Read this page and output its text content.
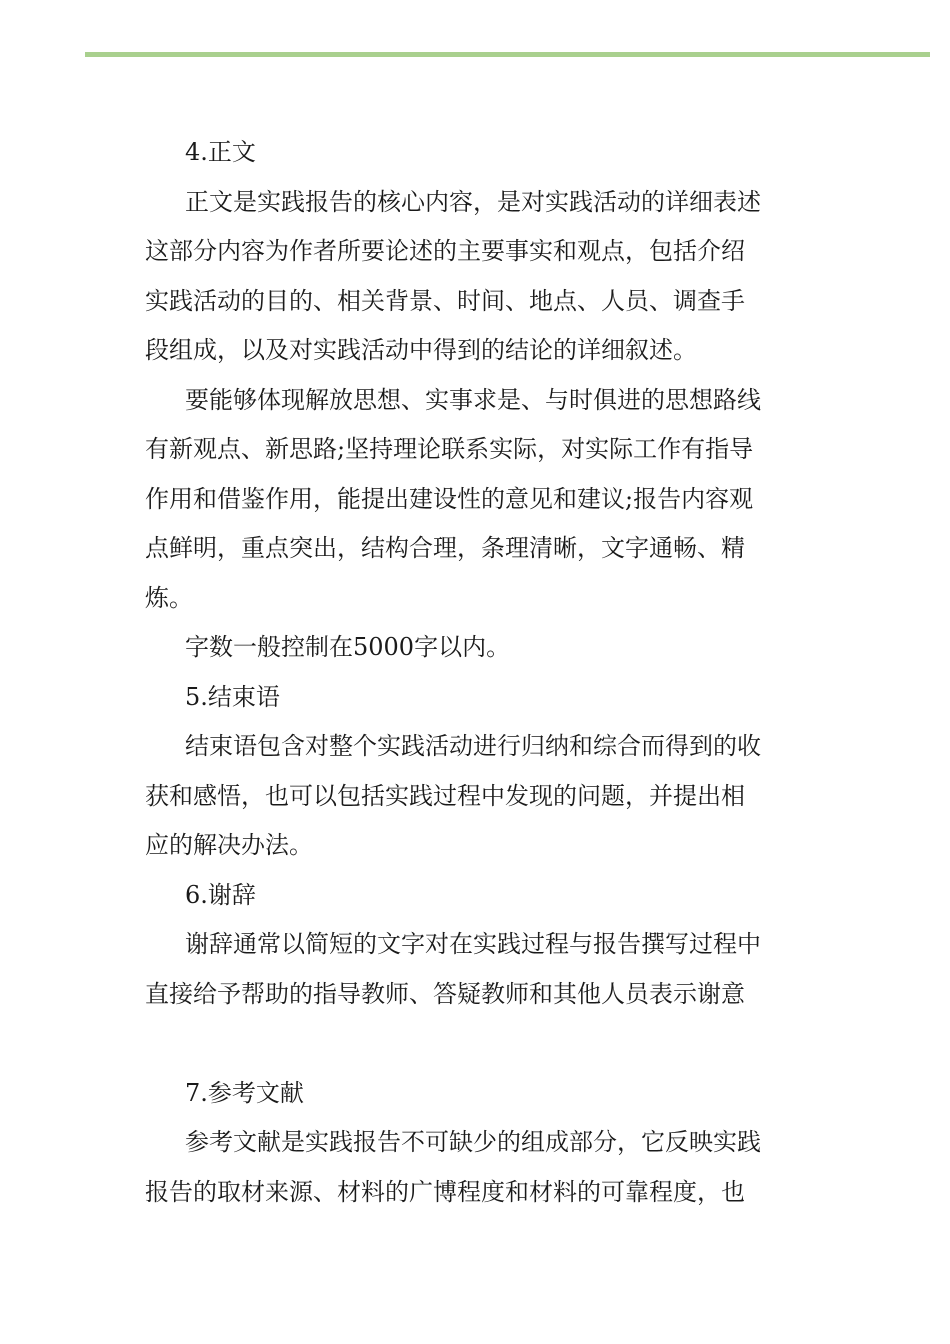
4.正文
正文是实践报告的核心内容，是对实践活动的详细表述
这部分内容为作者所要论述的主要事实和观点，包括介绍
实践活动的目的、相关背景、时间、地点、人员、调查手
段组成，以及对实践活动中得到的结论的详细叙述。
要能够体现解放思想、实事求是、与时俱进的思想路线
有新观点、新思路;坚持理论联系实际，对实际工作有指导
作用和借鉴作用，能提出建设性的意见和建议;报告内容观
点鲜明，重点突出，结构合理，条理清晰，文字通畅、精
炼。
字数一般控制在5000字以内。
5.结束语
结束语包含对整个实践活动进行归纳和综合而得到的收
获和感悟，也可以包括实践过程中发现的问题，并提出相
应的解决办法。
6.谢辞
谢辞通常以简短的文字对在实践过程与报告撰写过程中
直接给予帮助的指导教师、答疑教师和其他人员表示谢意
7.参考文献
参考文献是实践报告不可缺少的组成部分，它反映实践
报告的取材来源、材料的广博程度和材料的可靠程度，也
